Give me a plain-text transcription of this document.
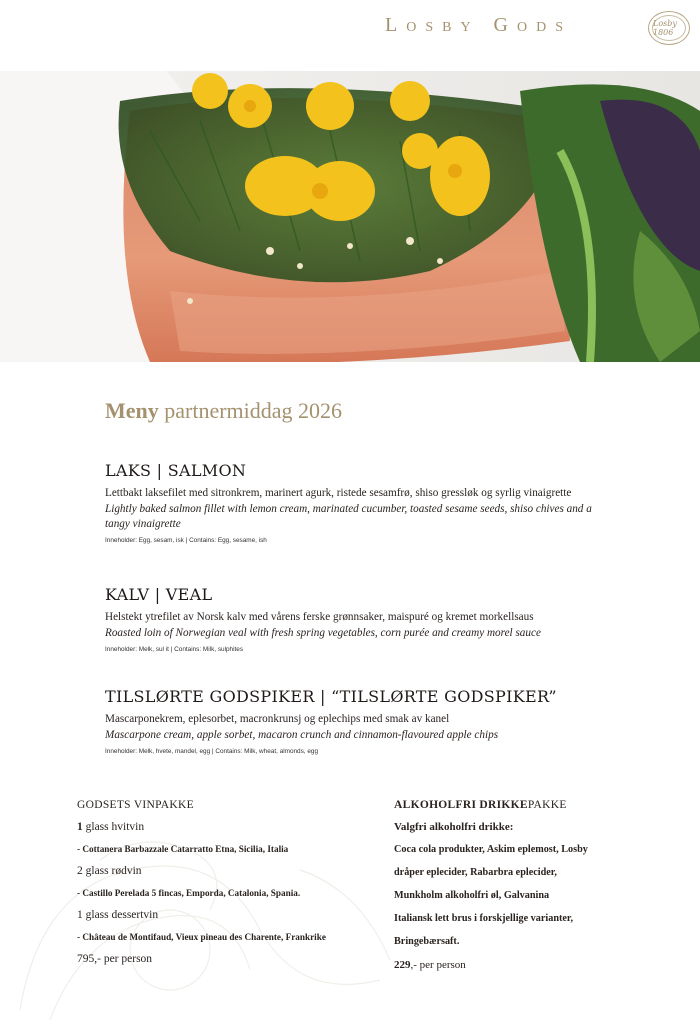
Losby Gods	Losby 1806
Meny partnermiddag 2026
LAKS | SALMON
Lettbakt laksefilet med sitronkrem, marinert agurk, ristede sesamfrø, shiso gressløk og syrlig vinaigrette
Lightly baked salmon fillet with lemon cream, marinated cucumber, toasted sesame seeds, shiso chives and a tangy vinaigrette
Inneholder: Egg, sesam, isk | Contains: Egg, sesame, ish
KALV | VEAL
Helstekt ytrefilet av Norsk kalv med vårens ferske grønnsaker, maispuré og kremet morkellsaus
Roasted loin of Norwegian veal with fresh spring vegetables, corn purée and creamy morel sauce
Inneholder: Melk, sul it | Contains: Milk, sulphites
TILSLØRTE GODSPIKER | “TILSLØRTE GODSPIKER”
Mascarponekrem, eplesorbet, macronkrunsj og eplechips med smak av kanel
Mascarpone cream, apple sorbet, macaron crunch and cinnamon-flavoured apple chips
Inneholder: Melk, hvete, mandel, egg | Contains: Milk, wheat, almonds, egg
GODSETS VINPAKKE
1 glass hvitvin
- Cottanera Barbazzale Catarratto Etna, Sicilia, Italia
2 glass rødvin
- Castillo Perelada 5 fincas, Emporda, Catalonia, Spania.
1 glass dessertvin
- Château de Montifaud, Vieux pineau des Charente, Frankrike
795,- per person
ALKOHOLFRI DRIKKEPAKKE
Valgfri alkoholfri drikke:
Coca cola produkter, Askim eplemost, Losby
dråper eplecider, Rabarbra eplecider,
Munkholm alkoholfri øl, Galvanina
Italiansk lett brus i forskjellige varianter,
Bringebærsaft.
229,- per person
